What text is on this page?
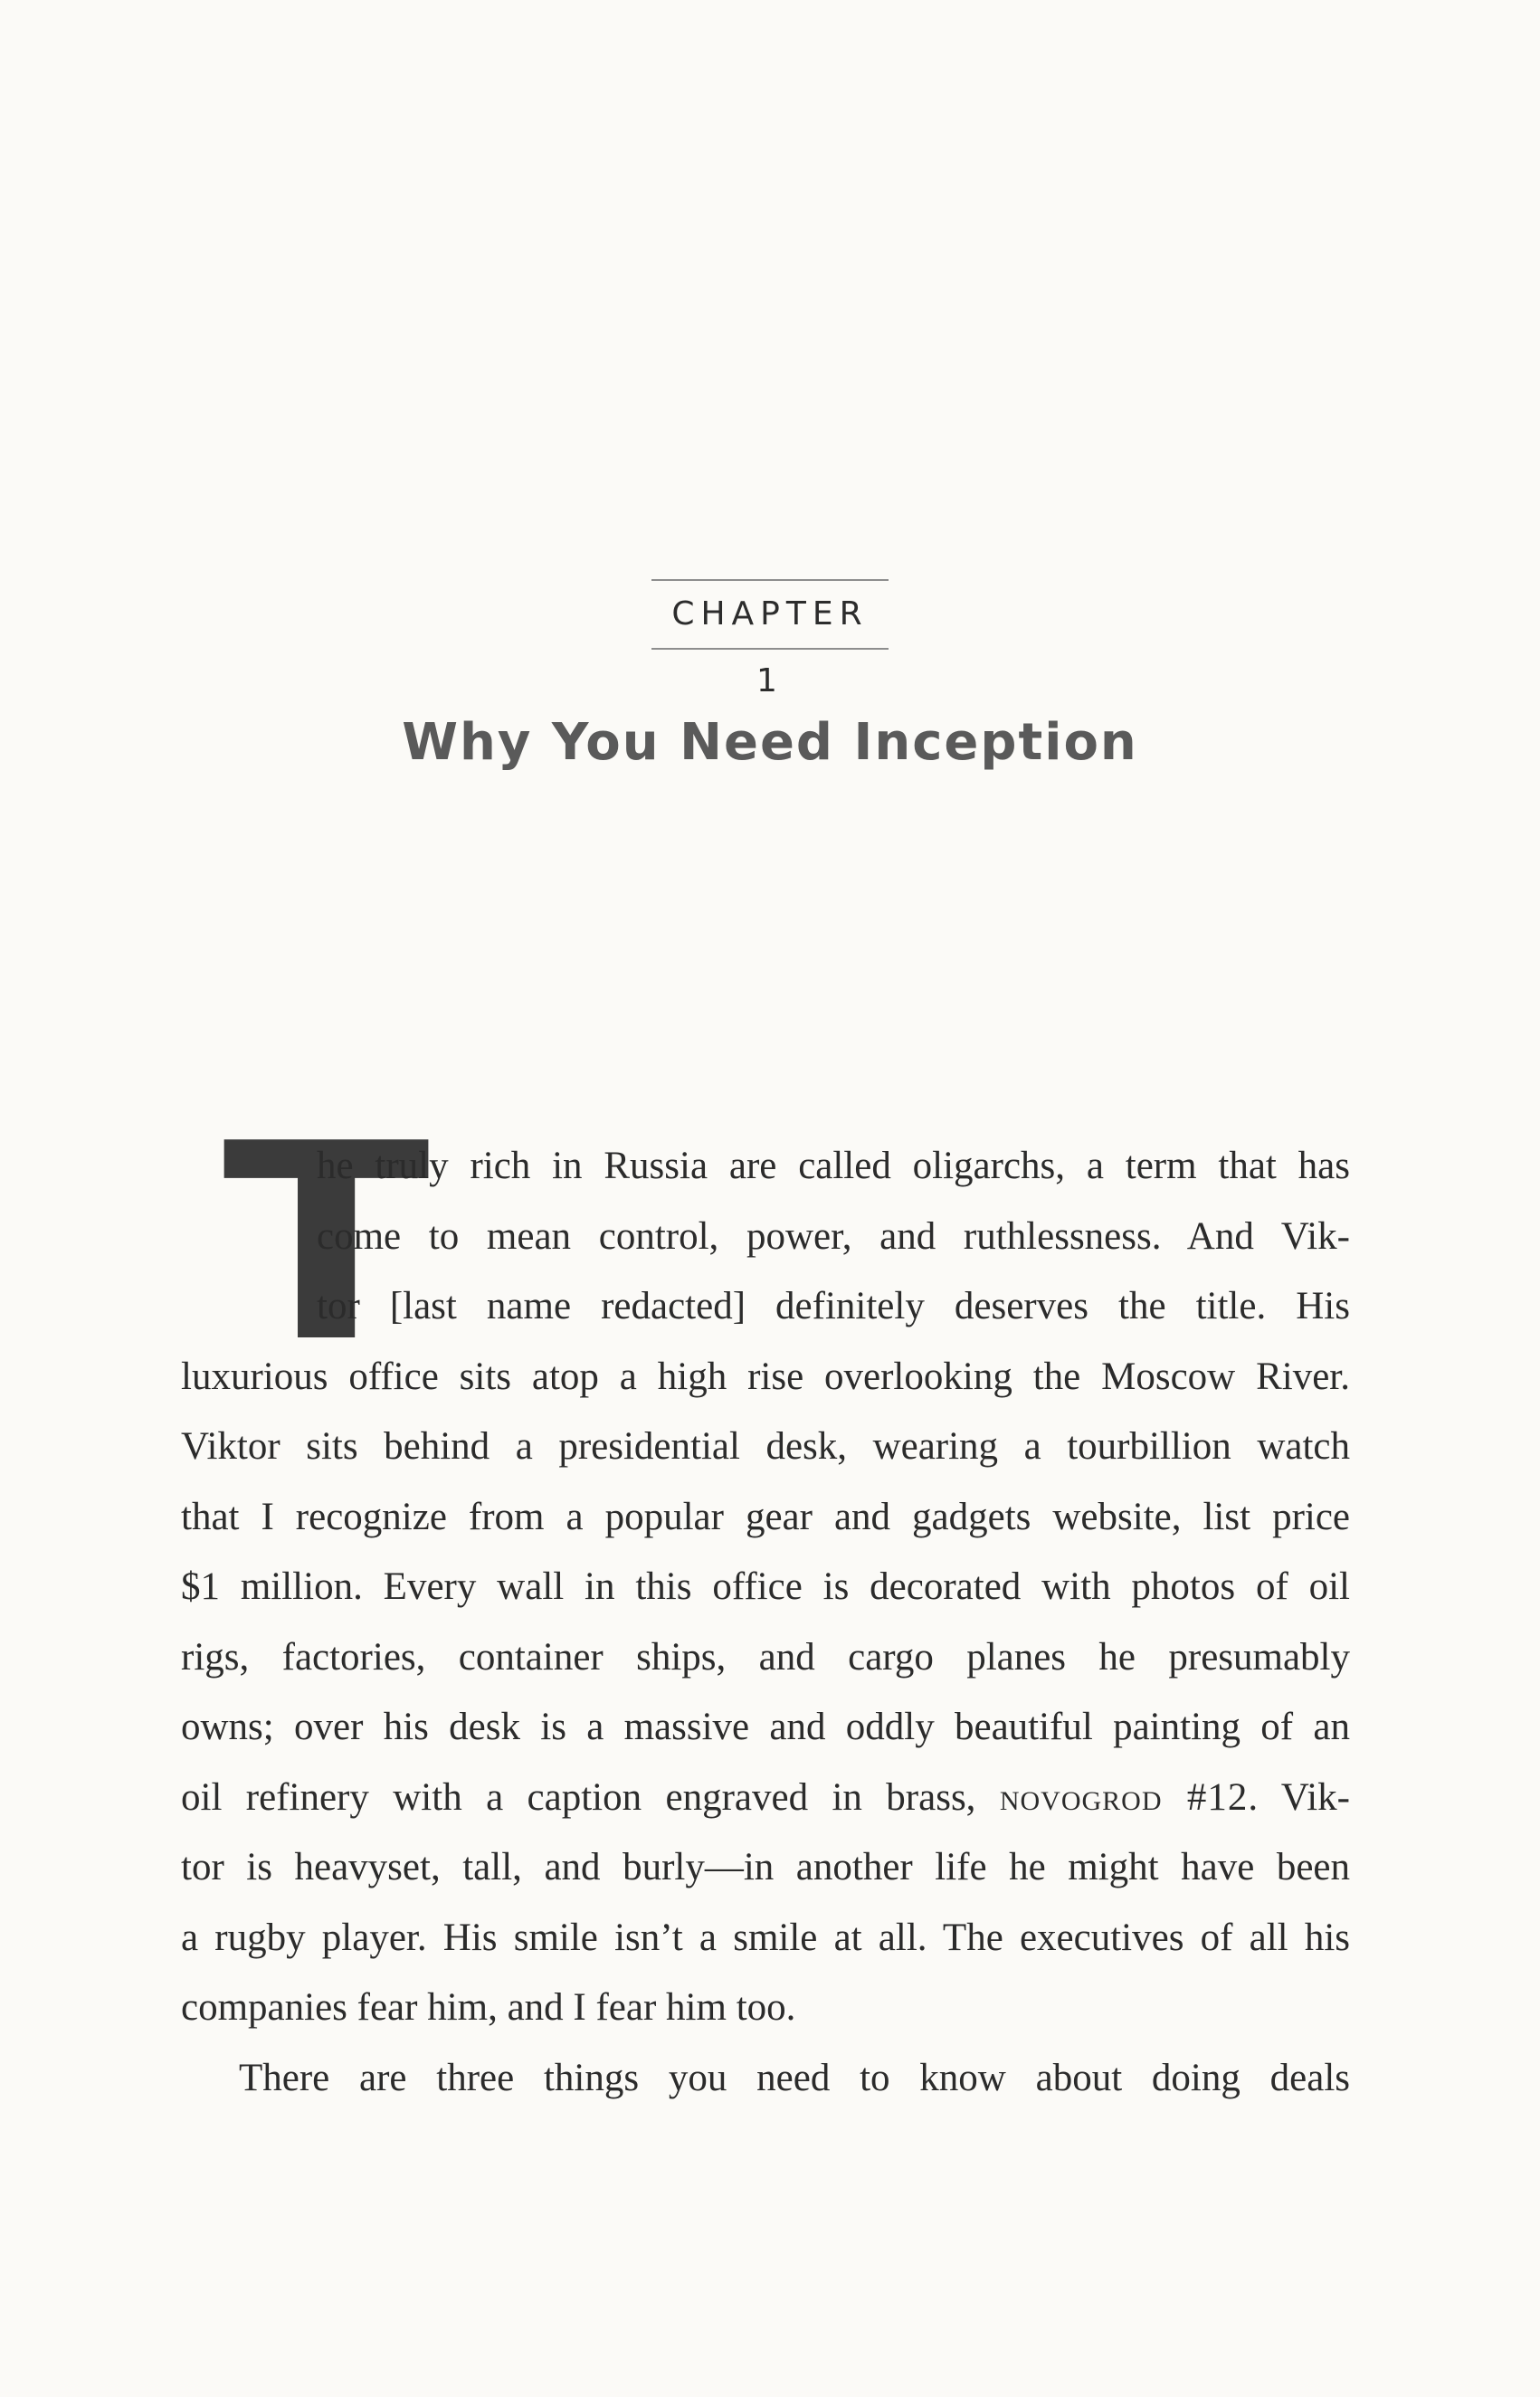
CHAPTER 1
Why You Need Inception
T
he truly rich in Russia are called oligarchs, a term that has
come to mean control, power, and ruthlessness. And Vik-
tor [last name redacted] definitely deserves the title. His
luxurious office sits atop a high rise overlooking the Moscow River.
Viktor sits behind a presidential desk, wearing a tourbillion watch
that I recognize from a popular gear and gadgets website, list price
$1 million. Every wall in this office is decorated with photos of oil
rigs, factories, container ships, and cargo planes he presumably
owns; over his desk is a massive and oddly beautiful painting of an
oil refinery with a caption engraved in brass, novogrod #12. Vik-
tor is heavyset, tall, and burly—in another life he might have been
a rugby player. His smile isn’t a smile at all. The executives of all his
companies fear him, and I fear him too.
There are three things you need to know about doing deals
